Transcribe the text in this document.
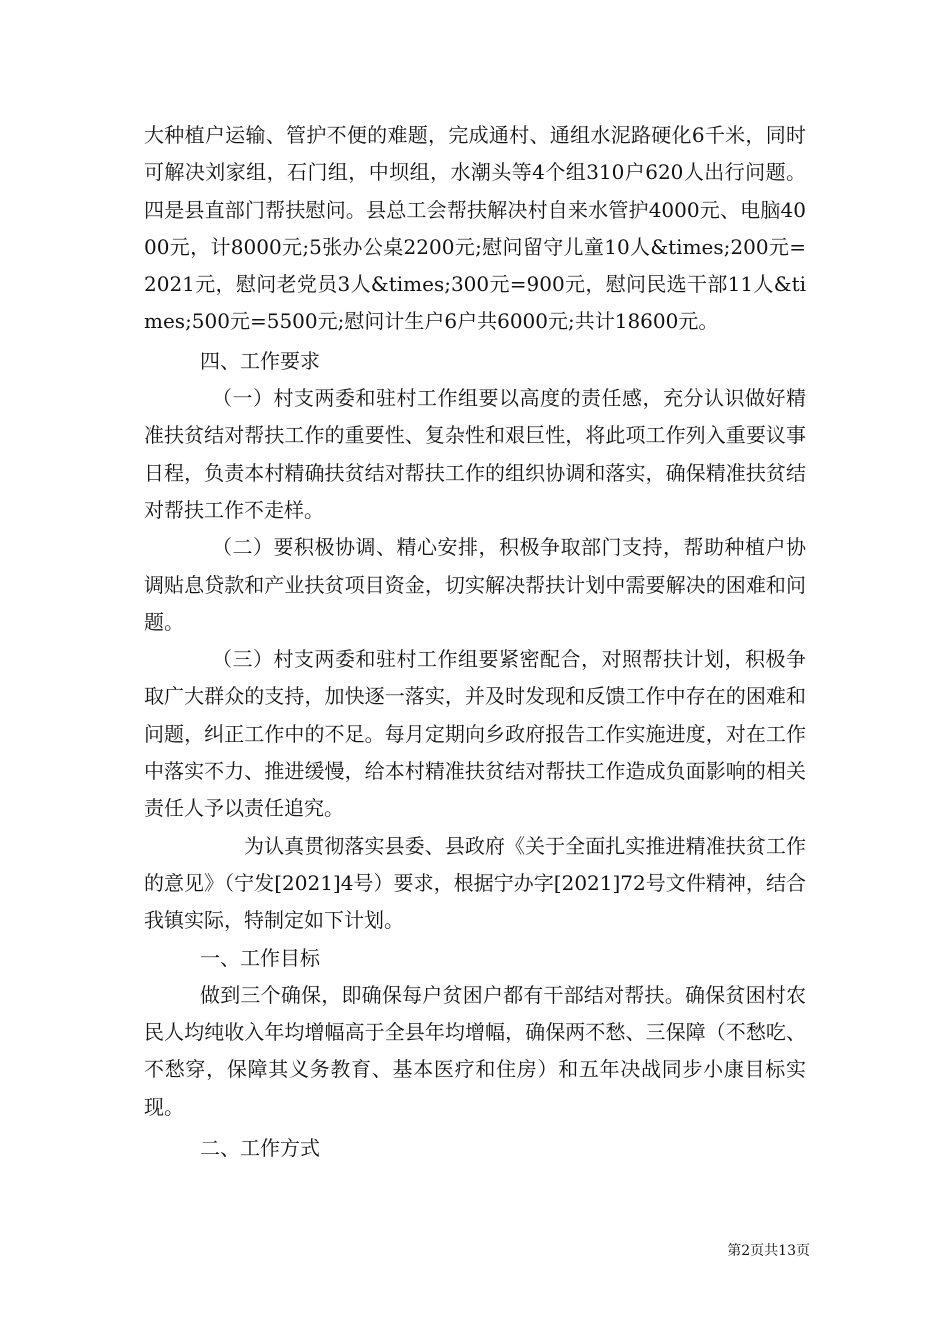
大种植户运输、管护不便的难题，完成通村、通组水泥路硬化6千米，同时可解决刘家组，石门组，中坝组，水潮头等4个组310户620人出行问题。四是县直部门帮扶慰问。县总工会帮扶解决村自来水管护4000元、电脑4000元，计8000元;5张办公桌2200元;慰问留守儿童10人&times;200元=2021元，慰问老党员3人&times;300元=900元，慰问民选干部11人&times;500元=5500元;慰问计生户6户共6000元;共计18600元。

四、工作要求

（一）村支两委和驻村工作组要以高度的责任感，充分认识做好精准扶贫结对帮扶工作的重要性、复杂性和艰巨性，将此项工作列入重要议事日程，负责本村精确扶贫结对帮扶工作的组织协调和落实，确保精准扶贫结对帮扶工作不走样。

（二）要积极协调、精心安排，积极争取部门支持，帮助种植户协调贴息贷款和产业扶贫项目资金，切实解决帮扶计划中需要解决的困难和问题。

（三）村支两委和驻村工作组要紧密配合，对照帮扶计划，积极争取广大群众的支持，加快逐一落实，并及时发现和反馈工作中存在的困难和问题，纠正工作中的不足。每月定期向乡政府报告工作实施进度，对在工作中落实不力、推进缓慢，给本村精准扶贫结对帮扶工作造成负面影响的相关责任人予以责任追究。

为认真贯彻落实县委、县政府《关于全面扎实推进精准扶贫工作的意见》（宁发[2021]4号）要求，根据宁办字[2021]72号文件精神，结合我镇实际，特制定如下计划。

一、工作目标

做到三个确保，即确保每户贫困户都有干部结对帮扶。确保贫困村农民人均纯收入年均增幅高于全县年均增幅，确保两不愁、三保障（不愁吃、不愁穿，保障其义务教育、基本医疗和住房）和五年决战同步小康目标实现。

二、工作方式

第2页共13页
